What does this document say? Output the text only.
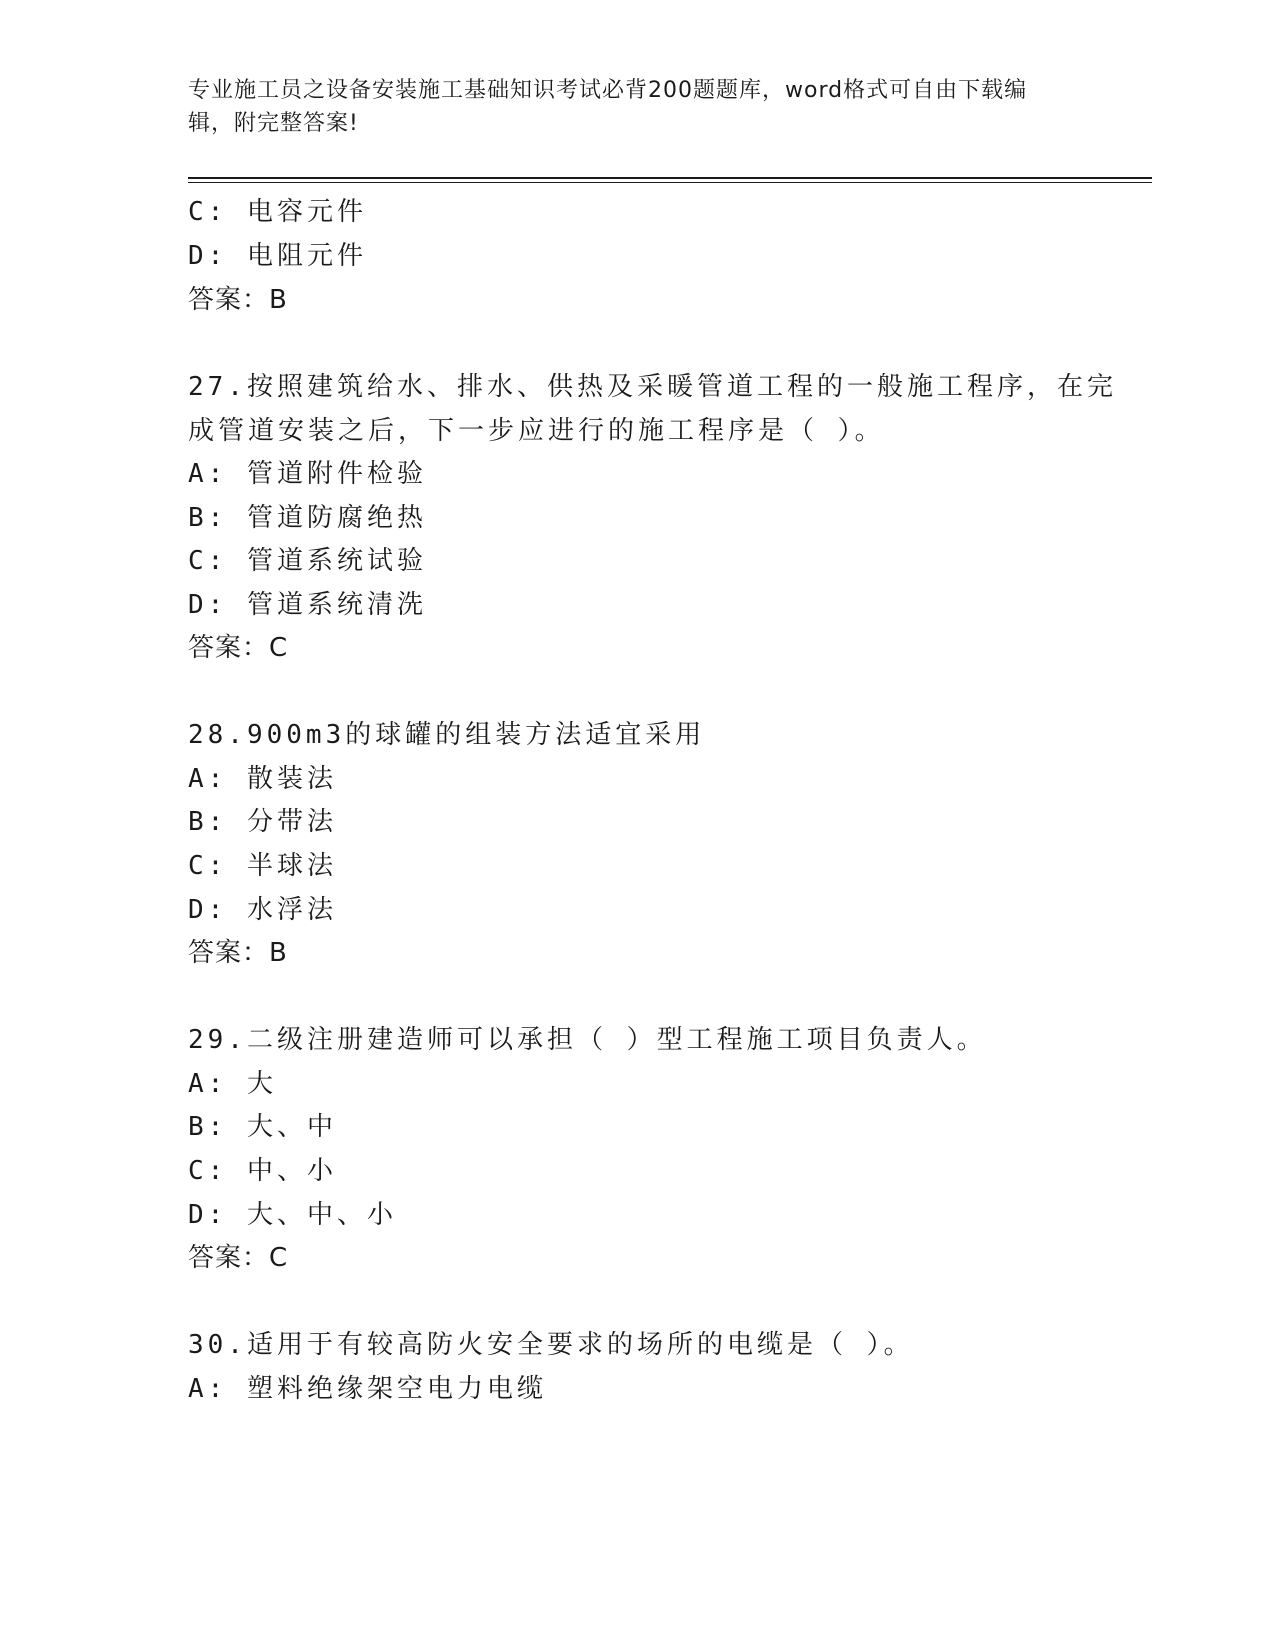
专业施工员之设备安装施工基础知识考试必背200题题库，word格式可自由下载编辑，附完整答案!
C: 电容元件
D: 电阻元件
答案：B
27.按照建筑给水、排水、供热及采暖管道工程的一般施工程序，在完
成管道安装之后，下一步应进行的施工程序是（ ）。
A: 管道附件检验
B: 管道防腐绝热
C: 管道系统试验
D: 管道系统清洗
答案：C
28.900m3的球罐的组装方法适宜采用
A: 散装法
B: 分带法
C: 半球法
D: 水浮法
答案：B
29.二级注册建造师可以承担（ ）型工程施工项目负责人。
A: 大
B: 大、中
C: 中、小
D: 大、中、小
答案：C
30.适用于有较高防火安全要求的场所的电缆是（ ）。
A: 塑料绝缘架空电力电缆
